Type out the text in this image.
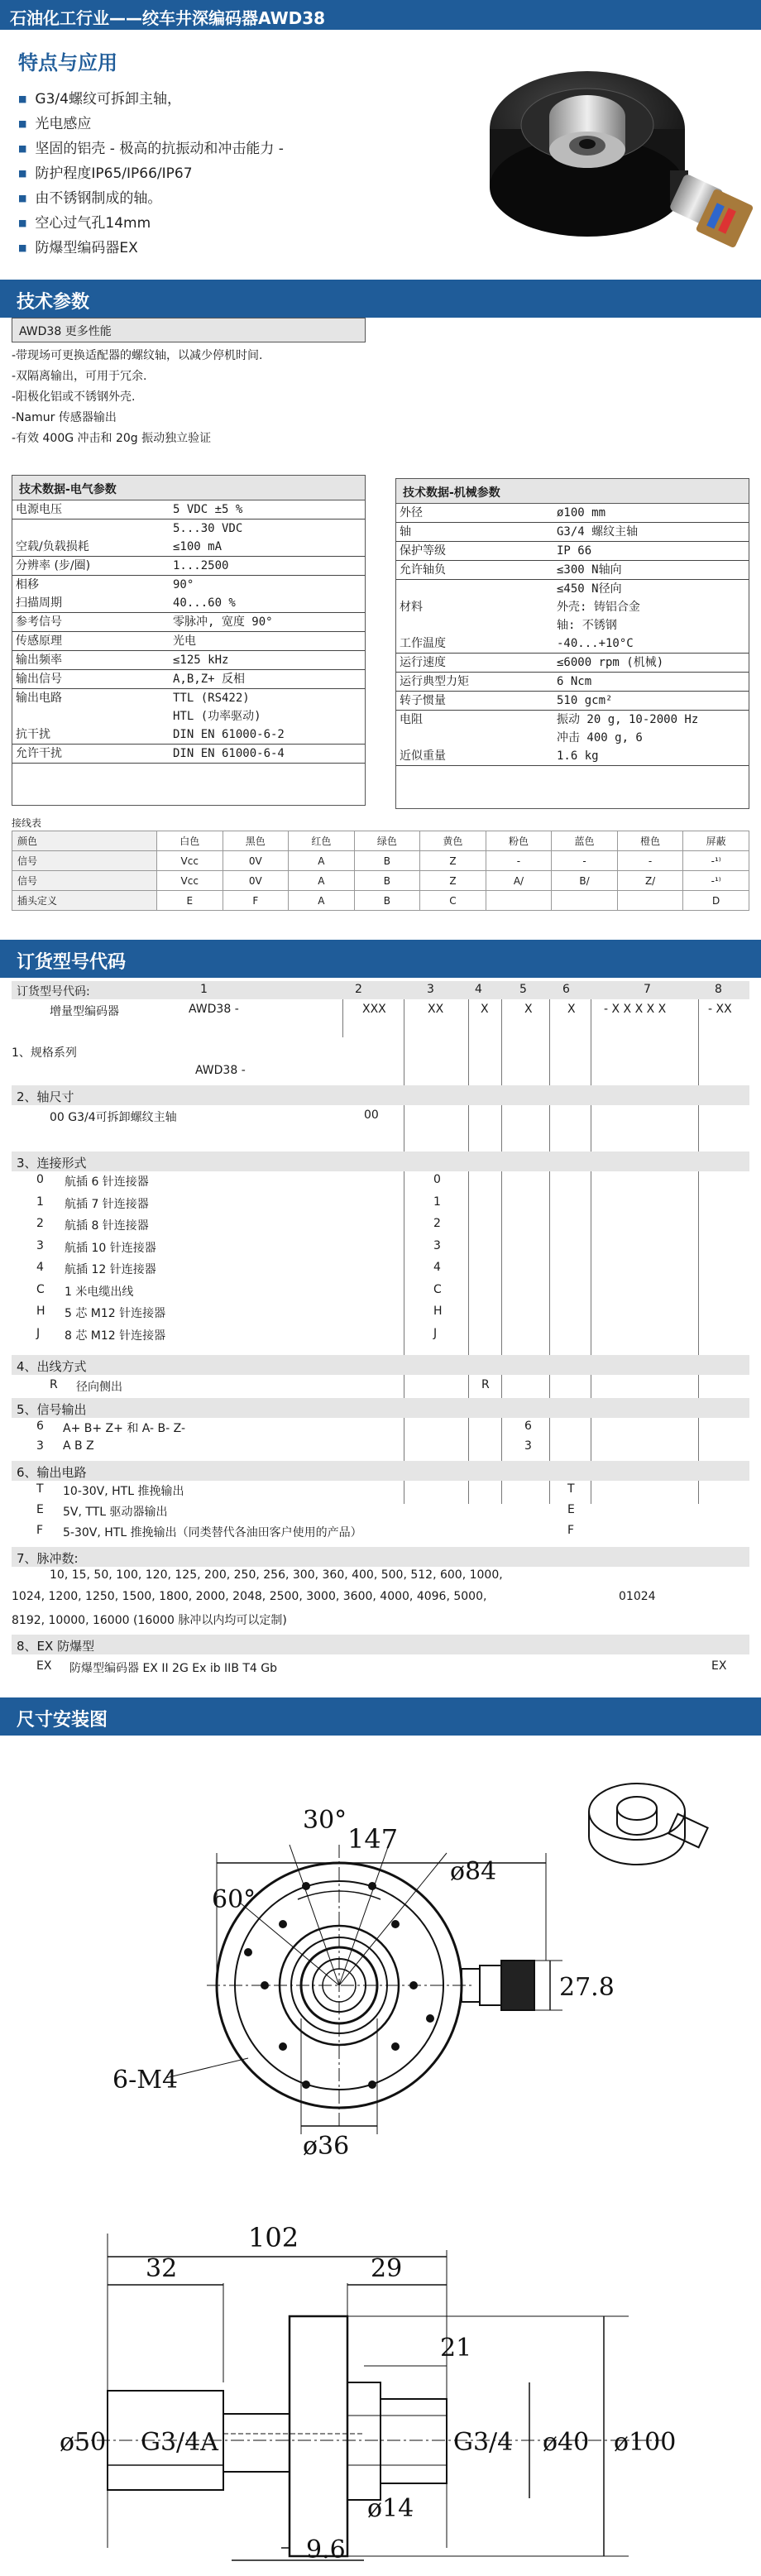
石油化工行业——绞车井深编码器AWD38
特点与应用
■ G3/4螺纹可拆卸主轴，
■ 光电感应
■ 坚固的铝壳 - 极高的抗振动和冲击能力 -
■ 防护程度IP65/IP66/IP67
■ 由不锈钢制成的轴。
■ 空心过气孔14mm
■ 防爆型编码器EX
技术参数
AWD38 更多性能
-带现场可更换适配器的螺纹轴，以减少停机时间.
-双隔离输出，可用于冗余.
-阳极化铝或不锈钢外壳.
-Namur 传感器输出
-有效 400G 冲击和 20g 振动独立验证
技术数据-电气参数
电源电压	5 VDC ±5 %
	5...30 VDC
空载/负载损耗	≤100 mA
分辨率 (步/圈)	1...2500
相移	90°
扫描周期	40...60 %
参考信号	零脉冲, 宽度 90°
传感原理	光电
输出频率	≤125 kHz
输出信号	A,B,Z+ 反相
输出电路	TTL (RS422)
	HTL (功率驱动)
抗干扰	DIN EN 61000-6-2
允许干扰	DIN EN 61000-6-4
技术数据-机械参数
外径	ø100 mm
轴	G3/4 螺纹主轴
保护等级	IP 66
允许轴负	≤300 N轴向
	≤450 N径向
材料	外壳: 铸铝合金
	轴: 不锈钢
工作温度	-40...+10°C
运行速度	≤6000 rpm (机械)
运行典型力矩	6 Ncm
转子惯量	510 gcm²
电阻	振动 20 g, 10-2000 Hz
	冲击 400 g, 6
近似重量	1.6 kg
接线表
颜色	白色	黑色	红色	绿色	黄色	粉色	蓝色	橙色	屏蔽
信号	Vcc	0V	A	B	Z	-	-	-	-¹⁾
信号	Vcc	0V	A	B	Z	A/	B/	Z/	-¹⁾
插头定义	E	F	A	B	C				D
订货型号代码
订货型号代码:	1	2	3	4	5	6	7	8
增量型编码器	AWD38 -	XXX	XX	X	X	X - X X X X X	- XX
1、规格系列
AWD38 -
2、轴尺寸
00 G3/4可拆卸螺纹主轴	00
3、连接形式
0 航插 6 针连接器	0
1 航插 7 针连接器	1
2 航插 8 针连接器	2
3 航插 10 针连接器	3
4 航插 12 针连接器	4
C 1 米电缆出线	C
H 5 芯 M12 针连接器	H
J 8 芯 M12 针连接器	J
4、出线方式
R 径向侧出	R
5、信号输出
6 A+ B+ Z+ 和 A- B- Z-	6
3 A B Z	3
6、输出电路
T 10-30V, HTL 推挽输出	T
E 5V, TTL 驱动器输出	E
F 5-30V, HTL 推挽输出（同类替代各油田客户使用的产品）	F
7、脉冲数:
10, 15, 50, 100, 120, 125, 200, 250, 256, 300, 360, 400, 500, 512, 600, 1000,
1024, 1200, 1250, 1500, 1800, 2000, 2048, 2500, 3000, 3600, 4000, 4096, 5000,
8192, 10000, 16000 (16000 脉冲以内均可以定制)
01024
8、EX 防爆型
EX 防爆型编码器 EX II 2G Ex ib IIB T4 Gb	EX
尺寸安装图
147
30°
ø84
60°
27.8
6-M4
ø36
102
32	29
21
ø50 G3/4A	G3/4 ø40 ø100
ø14
9.6
